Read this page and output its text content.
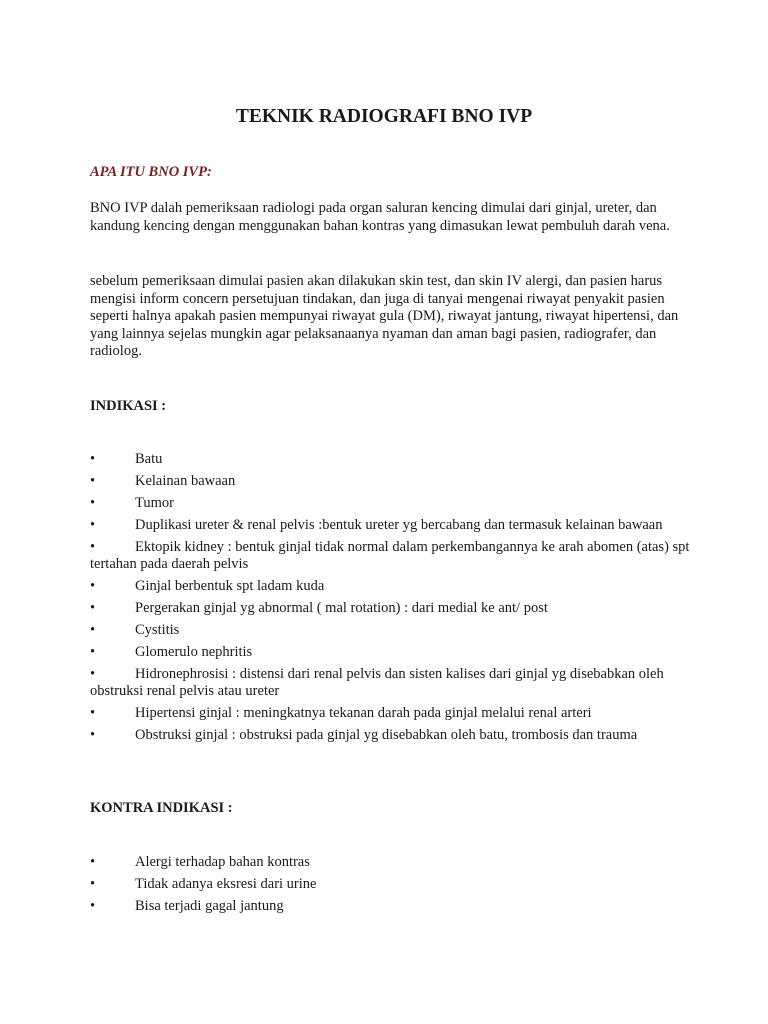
TEKNIK RADIOGRAFI BNO IVP

APA ITU BNO IVP:

BNO IVP dalah pemeriksaan radiologi pada organ saluran kencing dimulai dari ginjal, ureter, dan kandung kencing dengan menggunakan bahan kontras yang dimasukan lewat pembuluh darah vena.

sebelum pemeriksaan dimulai pasien akan dilakukan skin test, dan skin IV alergi, dan pasien harus mengisi inform concern persetujuan tindakan, dan juga di tanyai mengenai riwayat penyakit pasien seperti halnya apakah pasien mempunyai riwayat gula (DM), riwayat jantung, riwayat hipertensi, dan yang lainnya sejelas mungkin agar pelaksanaanya nyaman dan aman bagi pasien, radiografer, dan radiolog.

INDIKASI :

•	Batu
•	Kelainan bawaan
•	Tumor
•	Duplikasi ureter & renal pelvis :bentuk ureter yg bercabang dan termasuk kelainan bawaan
•	Ektopik kidney : bentuk ginjal tidak normal dalam perkembangannya ke arah abomen (atas) spt tertahan pada daerah pelvis
•	Ginjal berbentuk spt ladam kuda
•	Pergerakan ginjal yg abnormal ( mal rotation) : dari medial ke ant/ post
•	Cystitis
•	Glomerulo nephritis
•	Hidronephrosisi : distensi dari renal pelvis dan sisten kalises dari ginjal yg disebabkan oleh obstruksi renal pelvis atau ureter
•	Hipertensi ginjal : meningkatnya tekanan darah pada ginjal melalui renal arteri
•	Obstruksi ginjal : obstruksi pada ginjal yg disebabkan oleh batu, trombosis dan trauma

KONTRA INDIKASI :

•	Alergi terhadap bahan kontras
•	Tidak adanya eksresi dari urine
•	Bisa terjadi gagal jantung
